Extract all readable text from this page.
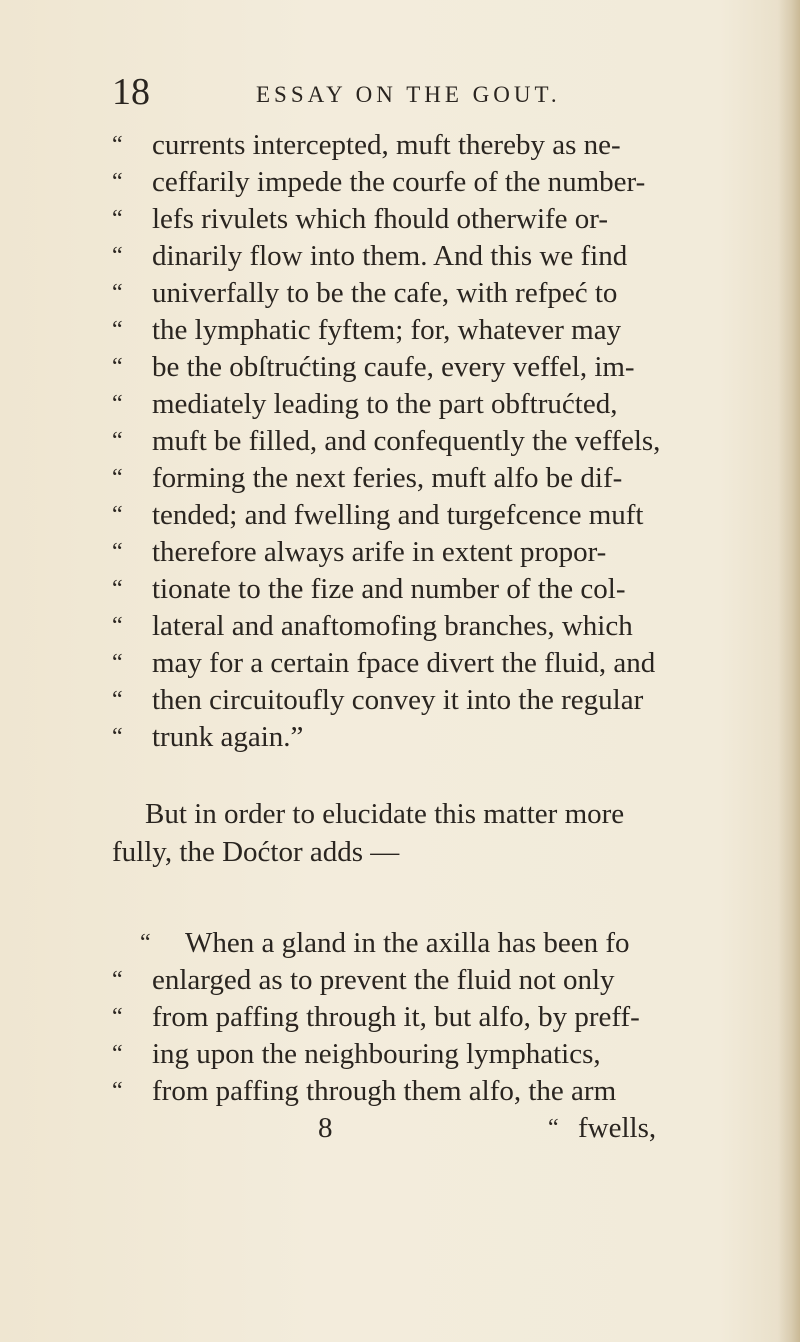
18	ESSAY ON THE GOUT.
“ currents intercepted, muft thereby as ne-
“ ceffarily impede the courfe of the number-
“ lefs rivulets which fhould otherwife or-
“ dinarily flow into them. And this we find
“ univerfally to be the cafe, with refpeć to
“ the lymphatic fyftem; for, whatever may
“ be the obſtrućting caufe, every veffel, im-
“ mediately leading to the part obftrućted,
“ muft be filled, and confequently the veffels,
“ forming the next feries, muft alfo be dif-
“ tended; and fwelling and turgefcence muft
“ therefore always arife in extent propor-
“ tionate to the fize and number of the col-
“ lateral and anaftomofing branches, which
“ may for a certain fpace divert the fluid, and
“ then circuitoufly convey it into the regular
“ trunk again.”
But in order to elucidate this matter more
fully, the Doćtor adds —
“ When a gland in the axilla has been fo
“ enlarged as to prevent the fluid not only
“ from paffing through it, but alfo, by preff-
“ ing upon the neighbouring lymphatics,
“ from paffing through them alfo, the arm
8	“ fwells,
